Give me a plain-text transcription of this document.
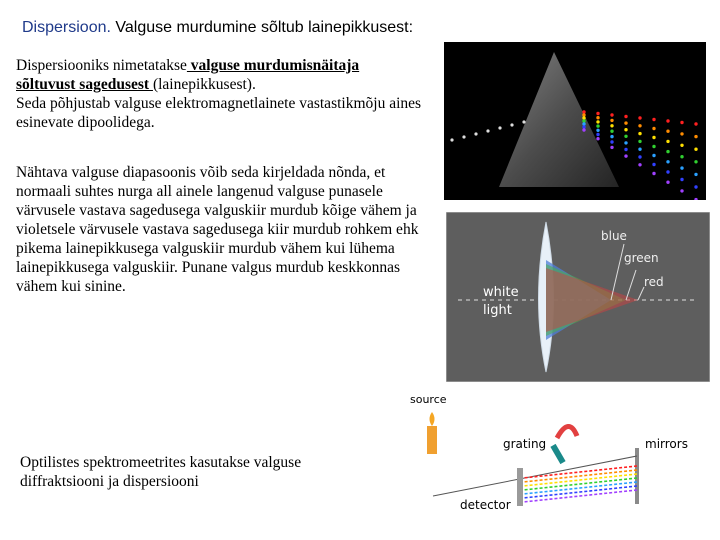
Dispersioon. Valguse murdumine sõltub lainepikkusest:

Dispersiooniks nimetatakse valguse murdumisnäitaja
sõltuvust sagedusest (lainepikkusest).
Seda põhjustab valguse elektromagnetlainete vastastikmõju aines esinevate dipoolidega.

Nähtava valguse diapasoonis võib seda kirjeldada nõnda, et normaali suhtes nurga all ainele langenud valguse punasele värvusele vastava sagedusega valguskiir murdub kõige vähem ja violetsele värvusele vastava sagedusega kiir murdub rohkem ehk pikema lainepikkusega valguskiir murdub vähem kui lühema lainepikkusega valguskiir. Punane valgus murdub keskkonnas vähem kui sinine.

Optilistes spektromeetrites kasutakse valguse diffraktsiooni ja dispersiooni

blue
green
red
white
light
source
grating	mirrors
detector
